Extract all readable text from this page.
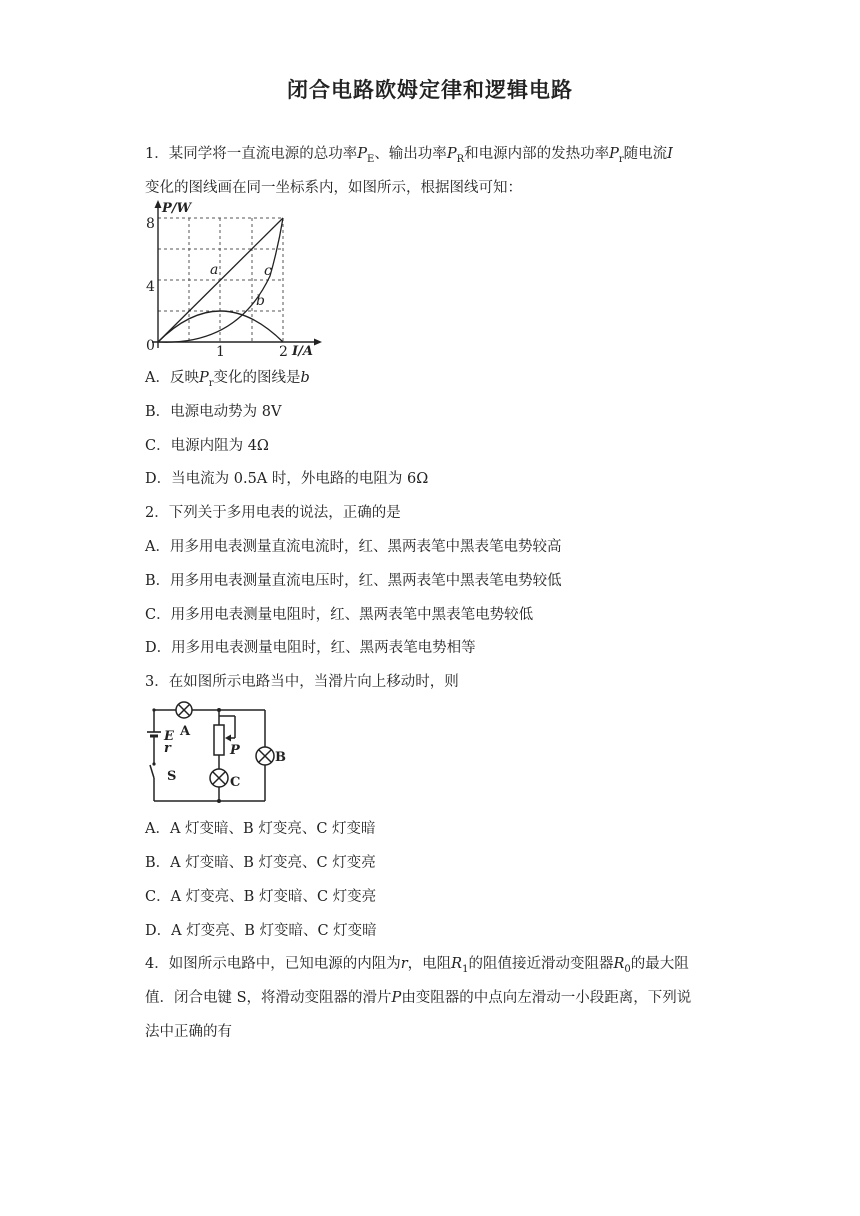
闭合电路欧姆定律和逻辑电路
1．某同学将一直流电源的总功率$P_E$、输出功率$P_R$和电源内部的发热功率$P_r$随电流I
变化的图线画在同一坐标系内，如图所示，根据图线可知：
P/W
I/A
8
4
0	1	2
a
b
c
A．反映$P_r$变化的图线是b
B．电源电动势为 8V
C．电源内阻为 4Ω
D．当电流为 0.5A 时，外电路的电阻为 6Ω
2．下列关于多用电表的说法，正确的是
A．用多用电表测量直流电流时，红、黑两表笔中黑表笔电势较高
B．用多用电表测量直流电压时，红、黑两表笔中黑表笔电势较低
C．用多用电表测量电阻时，红、黑两表笔中黑表笔电势较低
D．用多用电表测量电阻时，红、黑两表笔电势相等
3．在如图所示电路当中，当滑片向上移动时，则
A
B
C
E
r
S
P
A．A 灯变暗、B 灯变亮、C 灯变暗
B．A 灯变暗、B 灯变亮、C 灯变亮
C．A 灯变亮、B 灯变暗、C 灯变亮
D．A 灯变亮、B 灯变暗、C 灯变暗
4．如图所示电路中，已知电源的内阻为r，电阻$R_1$的阻值接近滑动变阻器$R_0$的最大阻
值．闭合电键 S，将滑动变阻器的滑片P由变阻器的中点向左滑动一小段距离，下列说
法中正确的有
